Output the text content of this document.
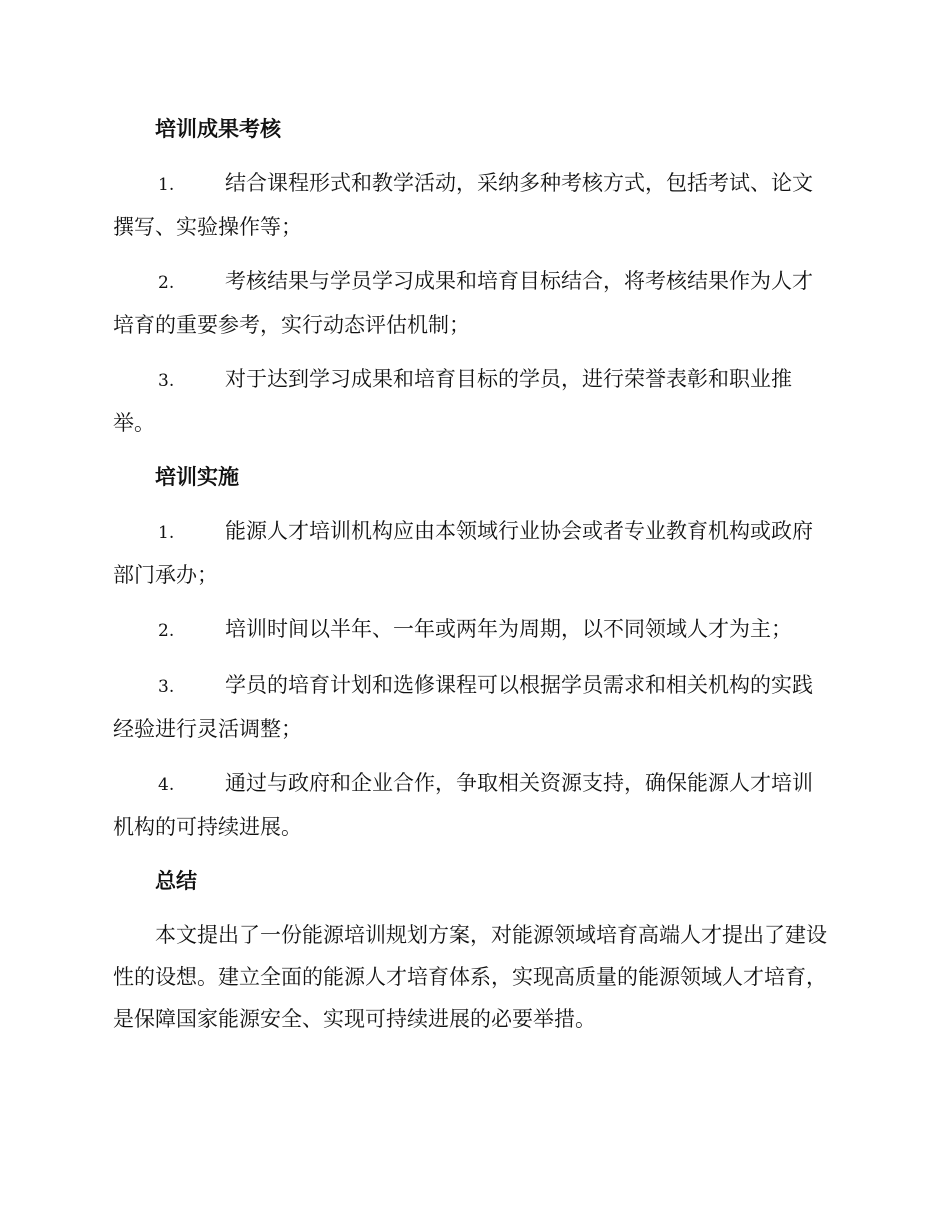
培训成果考核

1. 结合课程形式和教学活动，采纳多种考核方式，包括考试、论文撰写、实验操作等；

2. 考核结果与学员学习成果和培育目标结合，将考核结果作为人才培育的重要参考，实行动态评估机制；

3. 对于达到学习成果和培育目标的学员，进行荣誉表彰和职业推举。

培训实施

1. 能源人才培训机构应由本领域行业协会或者专业教育机构或政府部门承办；

2. 培训时间以半年、一年或两年为周期，以不同领域人才为主；

3. 学员的培育计划和选修课程可以根据学员需求和相关机构的实践经验进行灵活调整；

4. 通过与政府和企业合作，争取相关资源支持，确保能源人才培训机构的可持续进展。

总结

本文提出了一份能源培训规划方案，对能源领域培育高端人才提出了建设性的设想。建立全面的能源人才培育体系，实现高质量的能源领域人才培育，是保障国家能源安全、实现可持续进展的必要举措。
